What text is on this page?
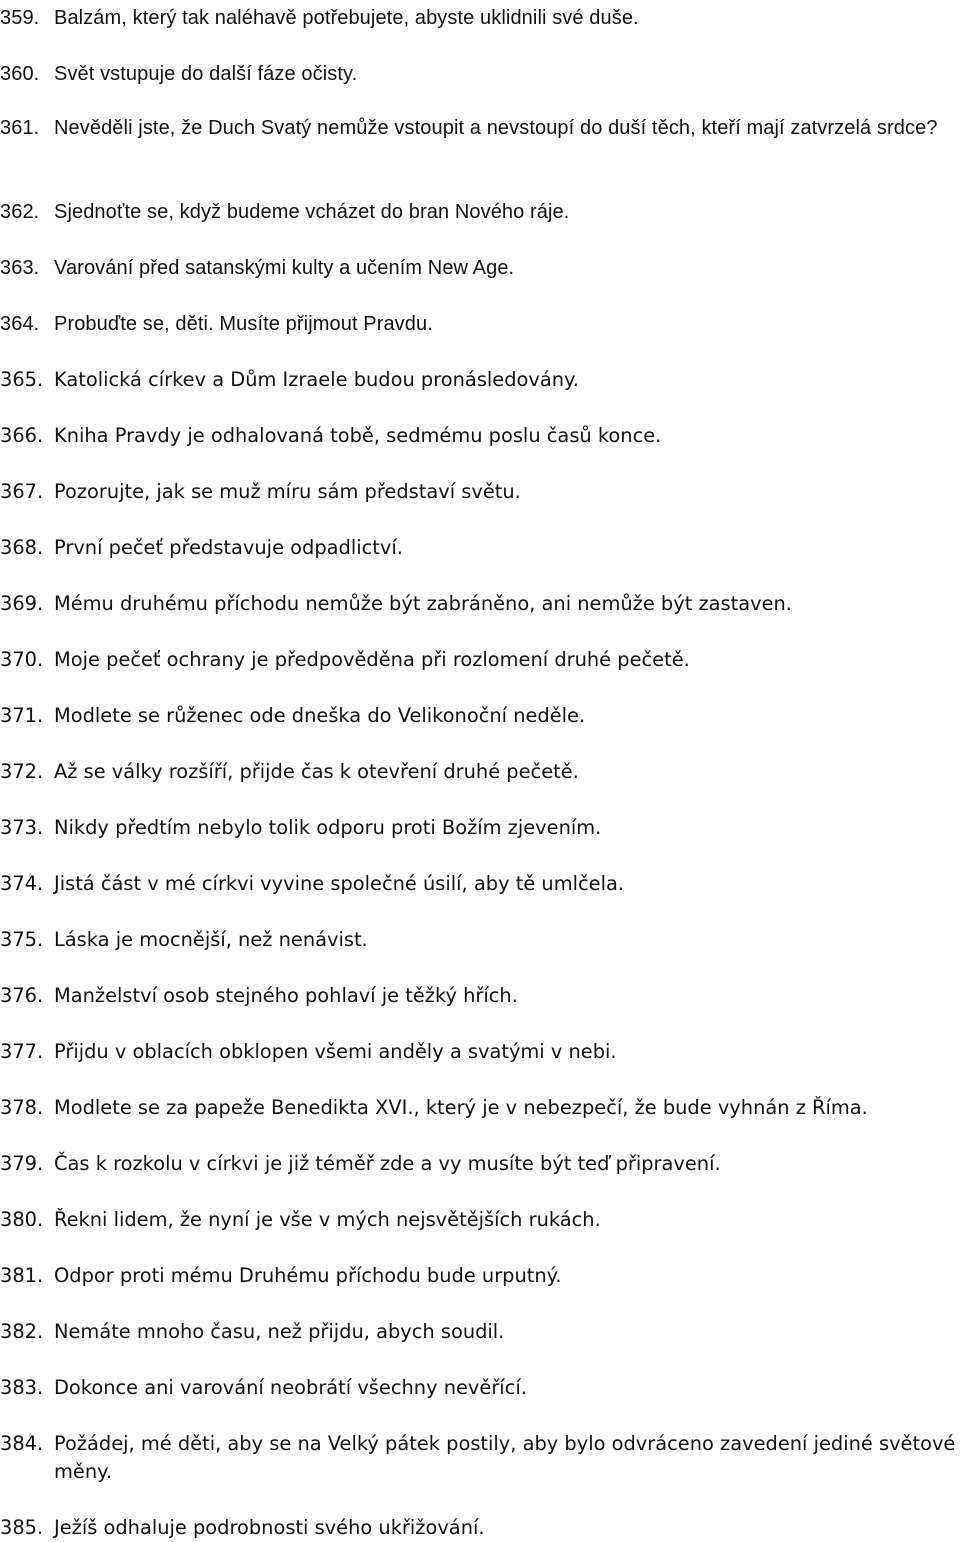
359. Balzám, který tak naléhavě potřebujete, abyste uklidnili své duše.
360. Svět vstupuje do další fáze očisty.
361. Nevěděli jste, že Duch Svatý nemůže vstoupit a nevstoupí do duší těch, kteří mají zatvrzelá srdce?
362. Sjednoťte se, když budeme vcházet do bran Nového ráje.
363. Varování před satanskými kulty a učením New Age.
364. Probuďte se, děti. Musíte přijmout Pravdu.
365. Katolická církev a Dům Izraele budou pronásledovány.
366. Kniha Pravdy je odhalovaná tobě, sedmému poslu časů konce.
367. Pozorujte, jak se muž míru sám představí světu.
368. První pečeť představuje odpadlictví.
369. Mému druhému příchodu nemůže být zabráněno, ani nemůže být zastaven.
370. Moje pečeť ochrany je předpověděna při rozlomení druhé pečetě.
371. Modlete se růženec ode dneška do Velikonoční neděle.
372. Až se války rozšíří, přijde čas k otevření druhé pečetě.
373. Nikdy předtím nebylo tolik odporu proti Božím zjevením.
374. Jistá část v mé církvi vyvine společné úsilí, aby tě umlčela.
375. Láska je mocnější, než nenávist.
376. Manželství osob stejného pohlaví je těžký hřích.
377. Přijdu v oblacích obklopen všemi anděly a svatými v nebi.
378. Modlete se za papeže Benedikta XVI., který je v nebezpečí, že bude vyhnán z Říma.
379. Čas k rozkolu v církvi je již téměř zde a vy musíte být teď připravení.
380. Řekni lidem, že nyní je vše v mých nejsvětějších rukách.
381. Odpor proti mému Druhému příchodu bude urputný.
382. Nemáte mnoho času, než přijdu, abych soudil.
383. Dokonce ani varování neobrátí všechny nevěřící.
384. Požádej, mé děti, aby se na Velký pátek postily, aby bylo odvráceno zavedení jediné světové měny.
385. Ježíš odhaluje podrobnosti svého ukřižování.
